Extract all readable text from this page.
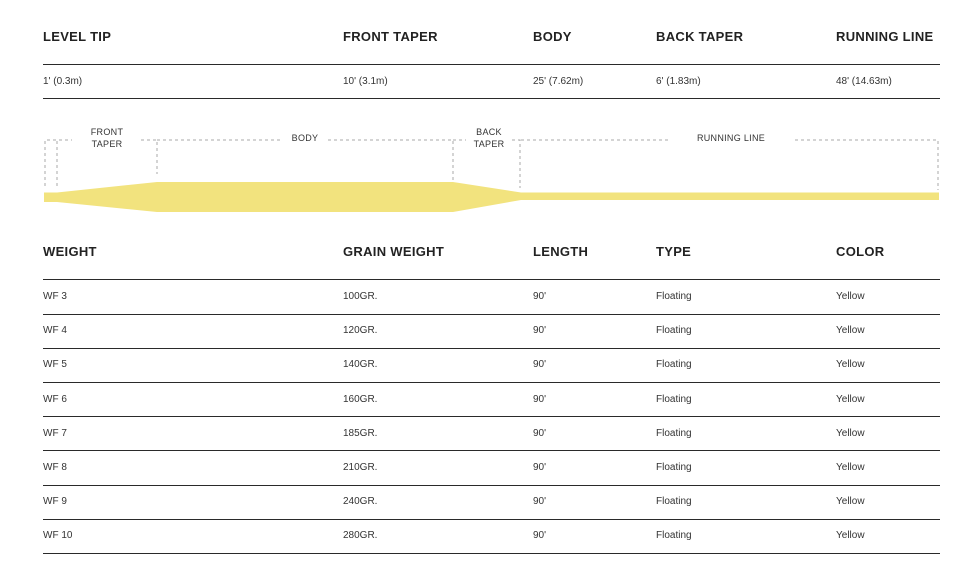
LEVEL TIP	FRONT TAPER	BODY	BACK TAPER	RUNNING LINE
1' (0.3m)	10' (3.1m)	25' (7.62m)	6' (1.83m)	48' (14.63m)
FRONT
TAPER
BODY
BACK
TAPER
RUNNING LINE
WEIGHT	GRAIN WEIGHT	LENGTH	TYPE	COLOR
WF 3	100GR.	90'	Floating	Yellow
WF 4	120GR.	90'	Floating	Yellow
WF 5	140GR.	90'	Floating	Yellow
WF 6	160GR.	90'	Floating	Yellow
WF 7	185GR.	90'	Floating	Yellow
WF 8	210GR.	90'	Floating	Yellow
WF 9	240GR.	90'	Floating	Yellow
WF 10	280GR.	90'	Floating	Yellow
